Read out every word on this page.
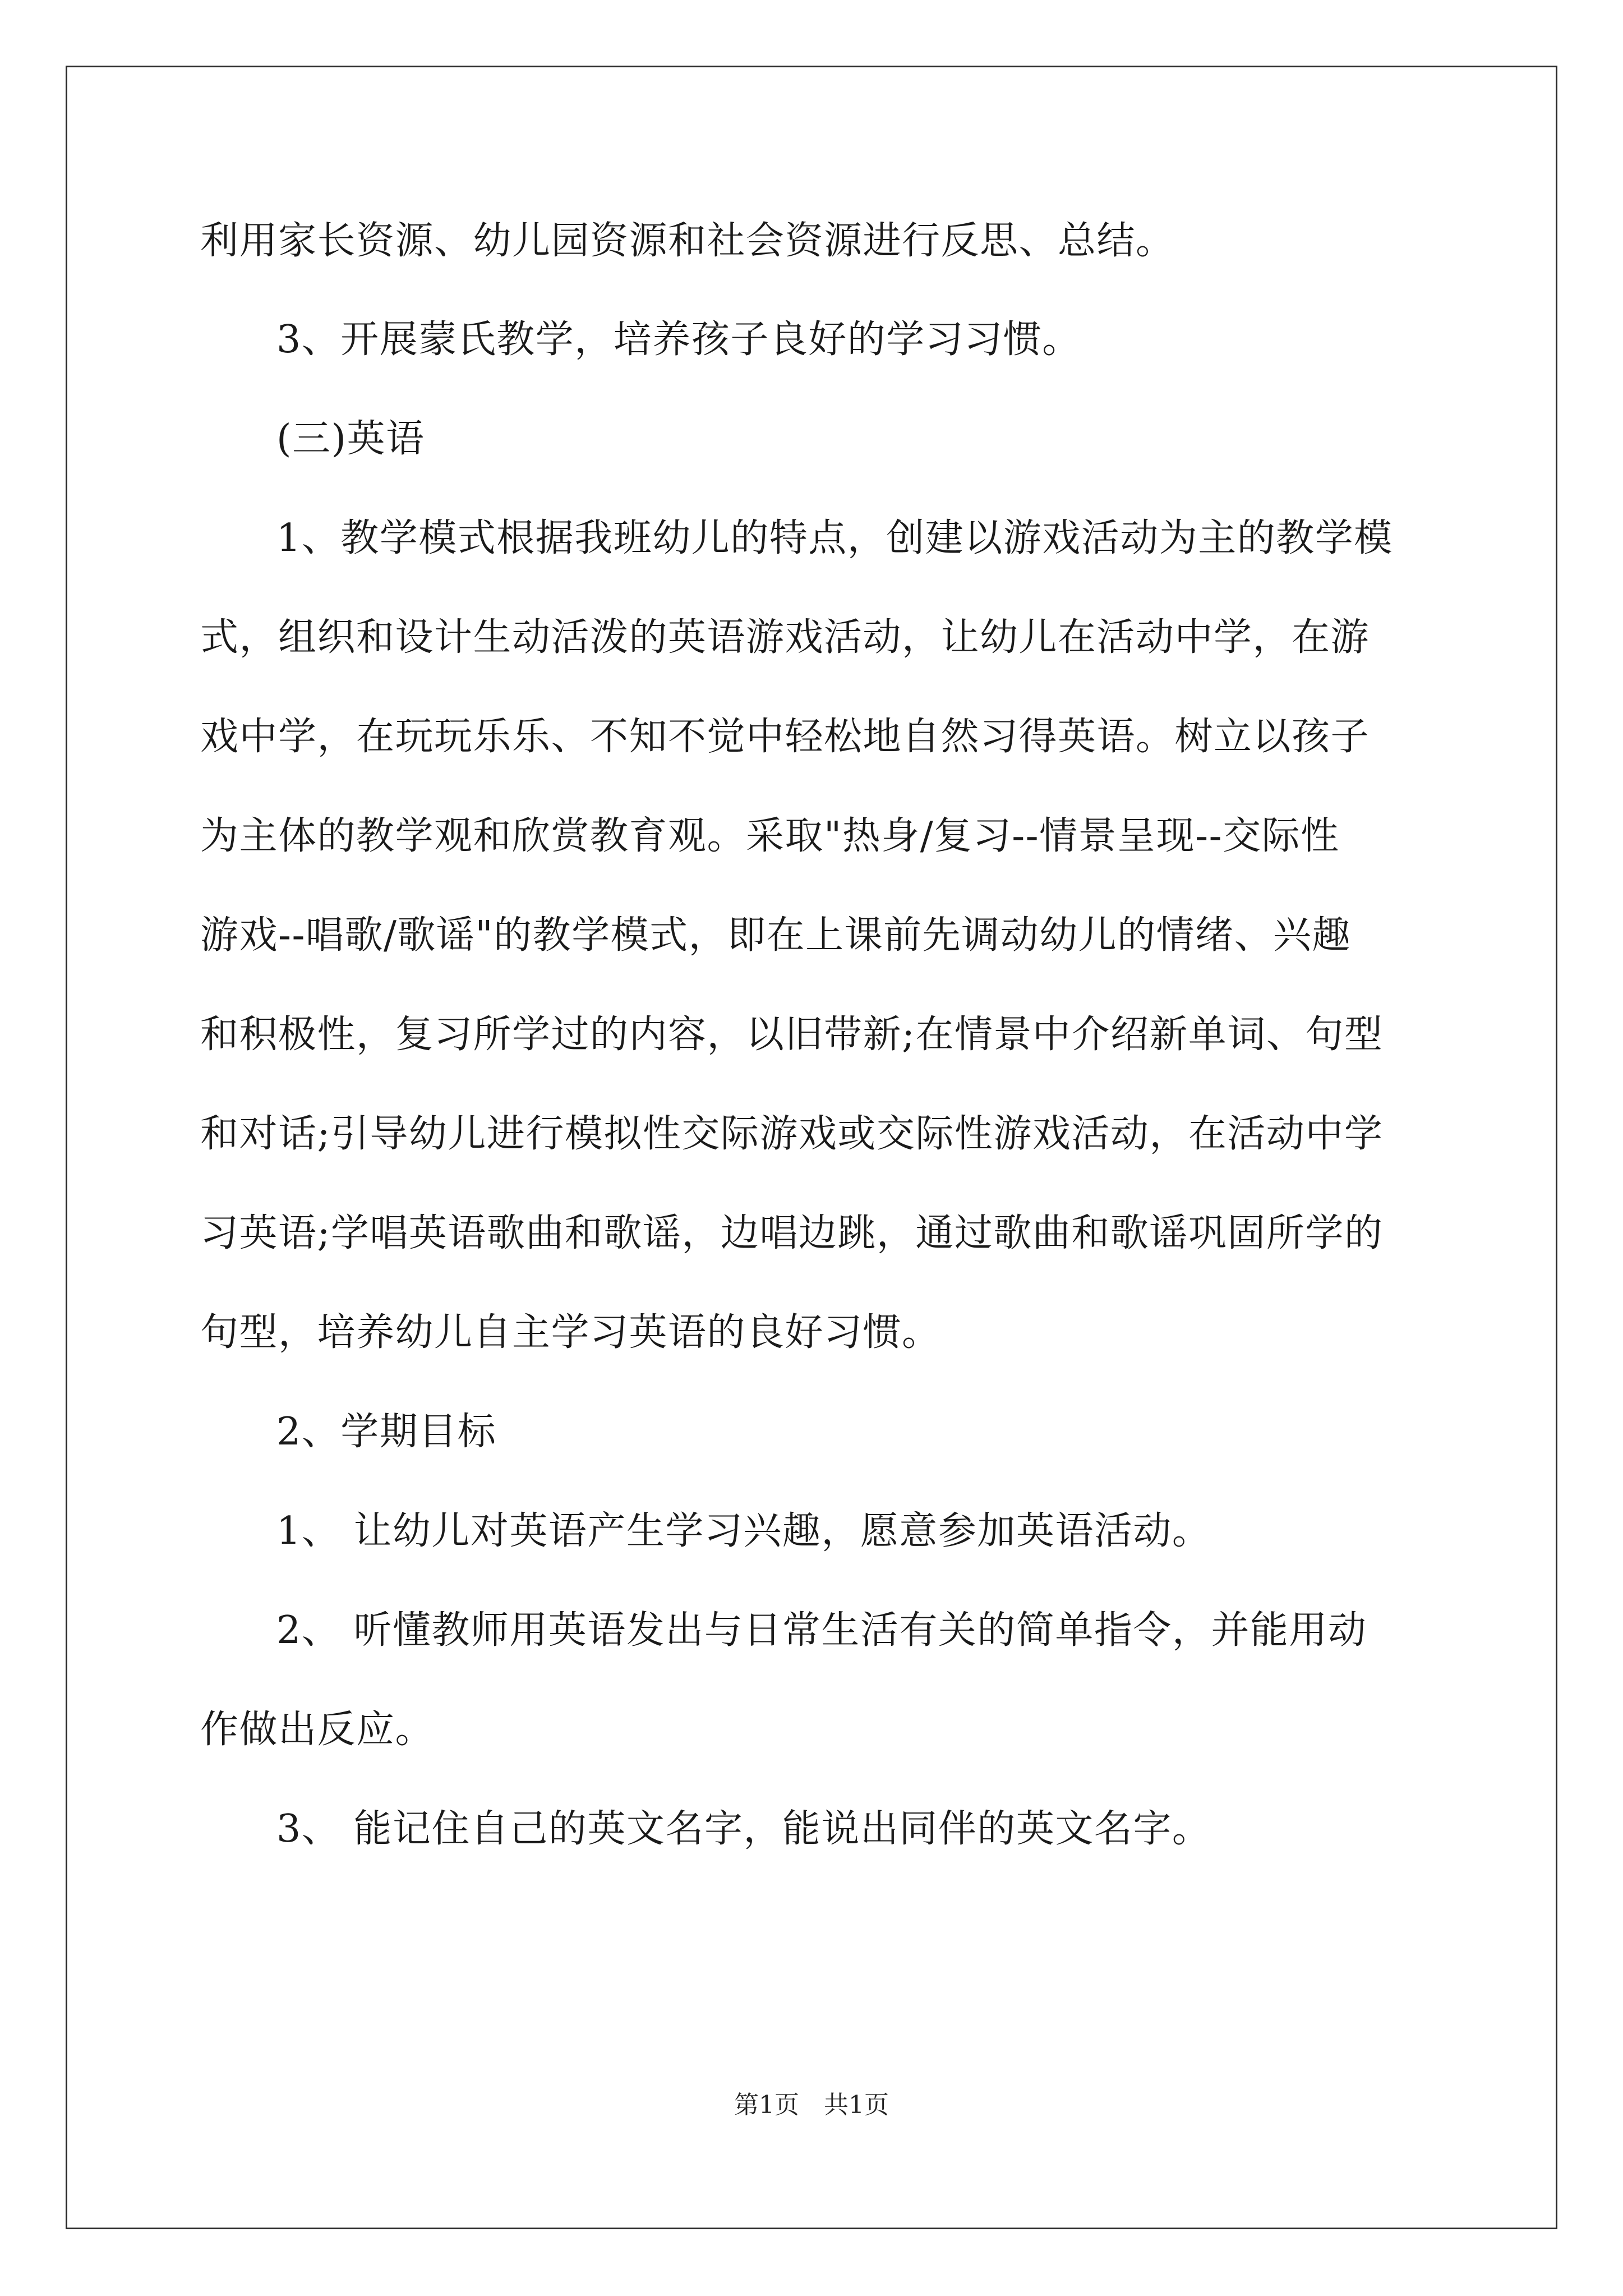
利用家长资源、幼儿园资源和社会资源进行反思、总结。
3、开展蒙氏教学，培养孩子良好的学习习惯。
(三)英语
1、教学模式根据我班幼儿的特点，创建以游戏活动为主的教学模
式，组织和设计生动活泼的英语游戏活动，让幼儿在活动中学，在游
戏中学，在玩玩乐乐、不知不觉中轻松地自然习得英语。树立以孩子
为主体的教学观和欣赏教育观。采取"热身/复习--情景呈现--交际性
游戏--唱歌/歌谣"的教学模式，即在上课前先调动幼儿的情绪、兴趣
和积极性，复习所学过的内容，以旧带新;在情景中介绍新单词、句型
和对话;引导幼儿进行模拟性交际游戏或交际性游戏活动，在活动中学
习英语;学唱英语歌曲和歌谣，边唱边跳，通过歌曲和歌谣巩固所学的
句型，培养幼儿自主学习英语的良好习惯。
2、学期目标
1、 让幼儿对英语产生学习兴趣，愿意参加英语活动。
2、 听懂教师用英语发出与日常生活有关的简单指令，并能用动
作做出反应。
3、 能记住自己的英文名字，能说出同伴的英文名字。
第1页　共1页
